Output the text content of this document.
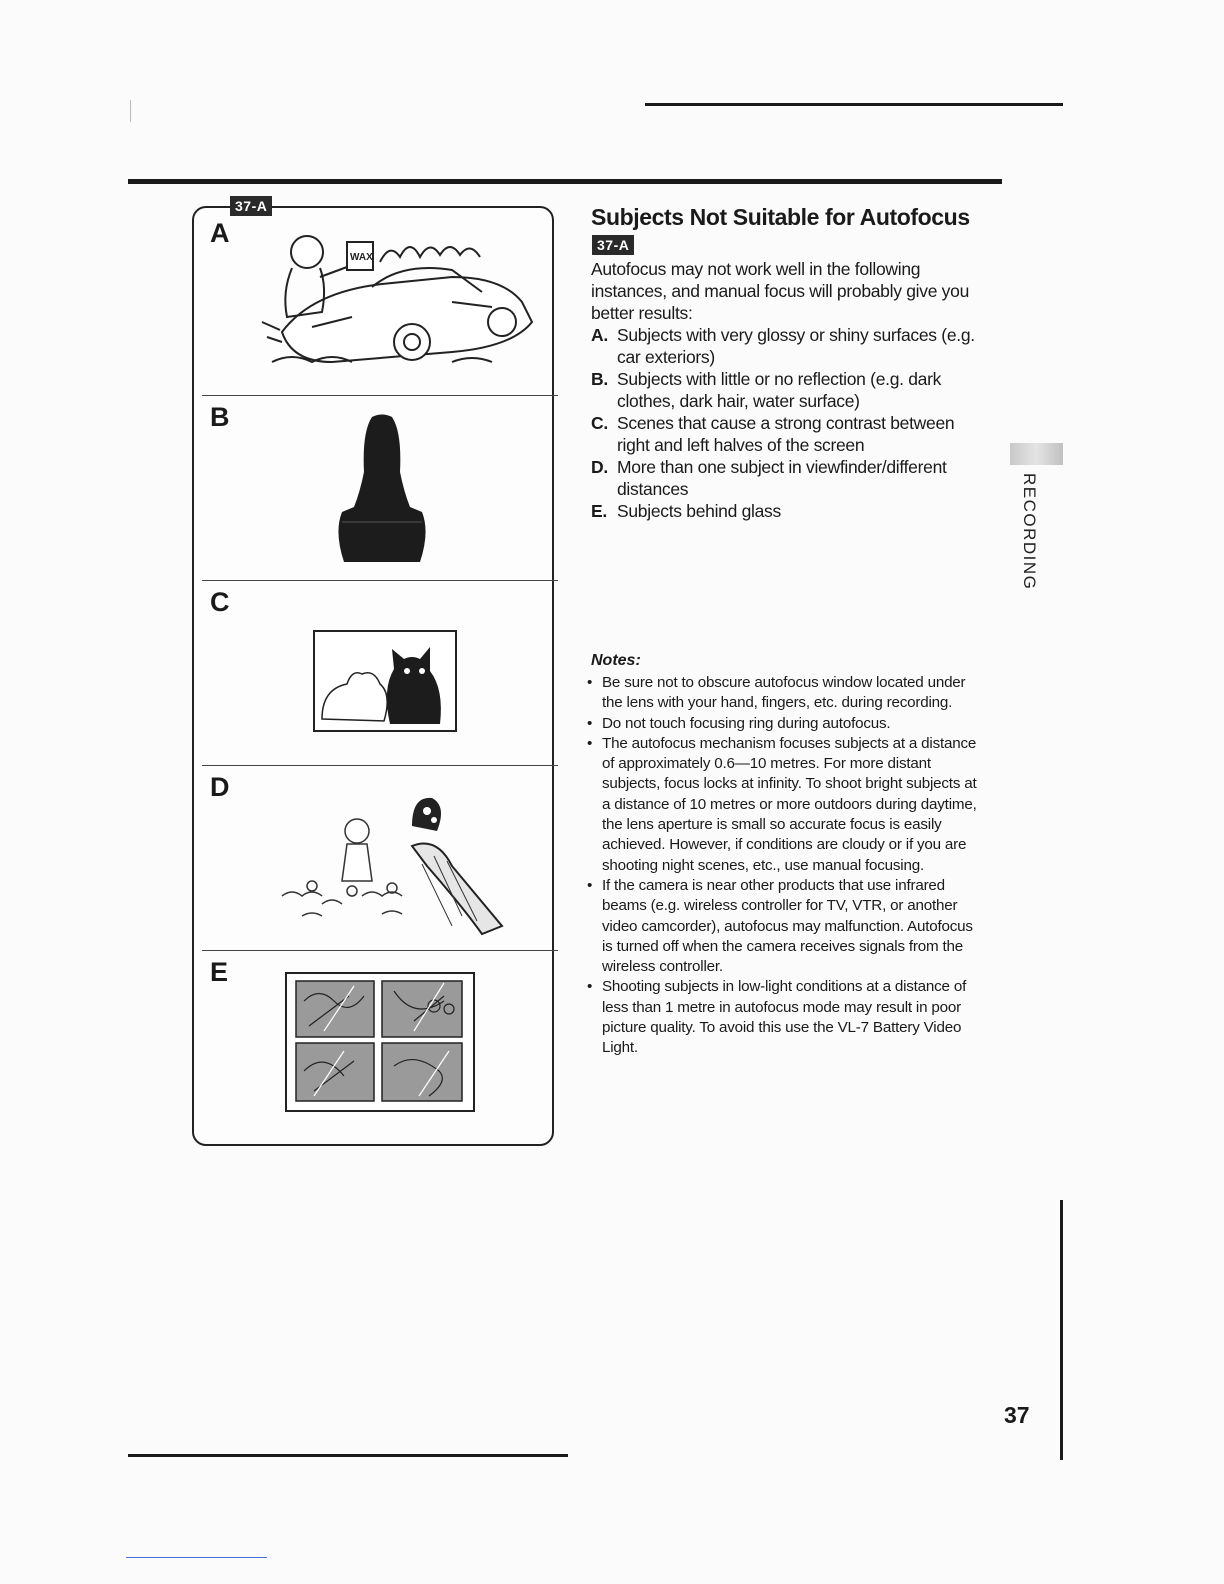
37-A
A
WAX
B
C
D
E
Subjects Not Suitable for Autofocus
37-A
Autofocus may not work well in the following instances, and manual focus will probably give you better results:
A. Subjects with very glossy or shiny surfaces (e.g. car exteriors)
B. Subjects with little or no reflection (e.g. dark clothes, dark hair, water surface)
C. Scenes that cause a strong contrast between right and left halves of the screen
D. More than one subject in viewfinder/different distances
E. Subjects behind glass
Notes:
• Be sure not to obscure autofocus window located under the lens with your hand, fingers, etc. during recording.
• Do not touch focusing ring during autofocus.
• The autofocus mechanism focuses subjects at a distance of approximately 0.6—10 metres. For more distant subjects, focus locks at infinity. To shoot bright subjects at a distance of 10 metres or more outdoors during daytime, the lens aperture is small so accurate focus is easily achieved. However, if conditions are cloudy or if you are shooting night scenes, etc., use manual focusing.
• If the camera is near other products that use infrared beams (e.g. wireless controller for TV, VTR, or another video camcorder), autofocus may malfunction. Autofocus is turned off when the camera receives signals from the wireless controller.
• Shooting subjects in low-light conditions at a distance of less than 1 metre in autofocus mode may result in poor picture quality. To avoid this use the VL-7 Battery Video Light.
RECORDING
37
